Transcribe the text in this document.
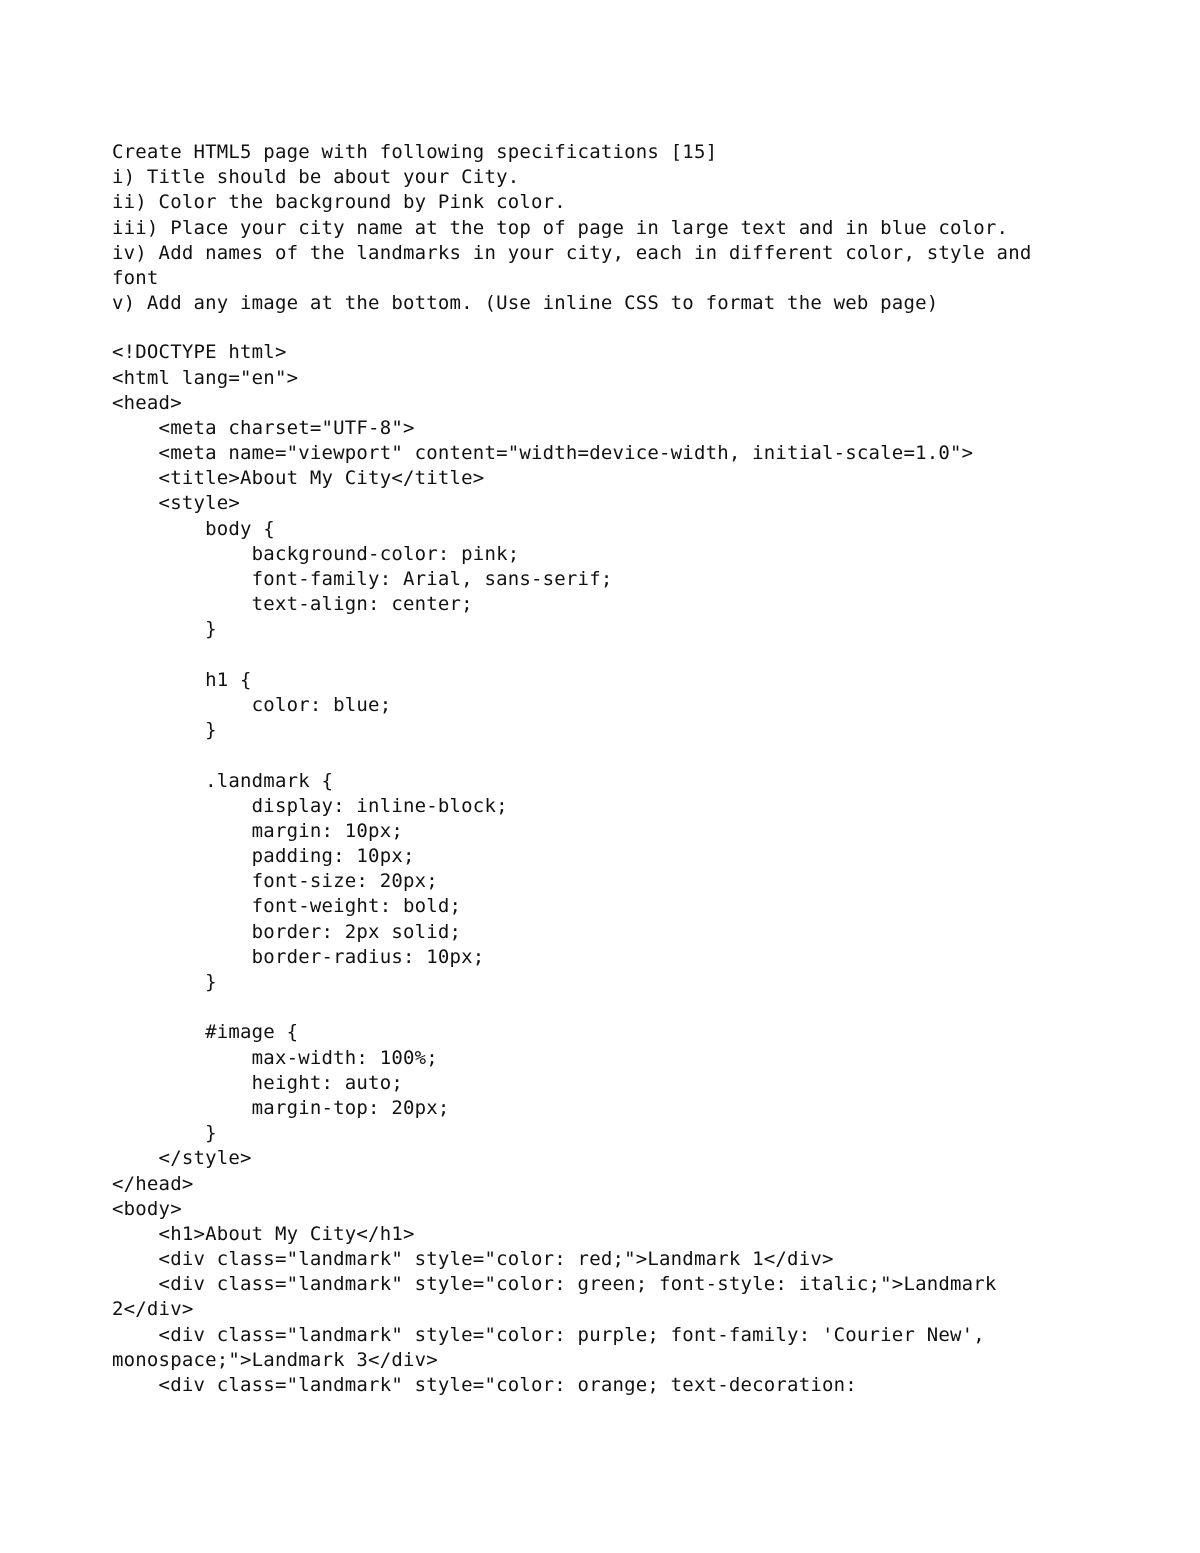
Create HTML5 page with following specifications [15]
i) Title should be about your City.
ii) Color the background by Pink color.
iii) Place your city name at the top of page in large text and in blue color.
iv) Add names of the landmarks in your city, each in different color, style and
font
v) Add any image at the bottom. (Use inline CSS to format the web page)
<!DOCTYPE html>
<html lang="en">
<head>
<meta charset="UTF-8">
<meta name="viewport" content="width=device-width, initial-scale=1.0">
<title>About My City</title>
<style>
body {
background-color: pink;
font-family: Arial, sans-serif;
text-align: center;
}
h1 {
color: blue;
}
.landmark {
display: inline-block;
margin: 10px;
padding: 10px;
font-size: 20px;
font-weight: bold;
border: 2px solid;
border-radius: 10px;
}
#image {
max-width: 100%;
height: auto;
margin-top: 20px;
}
</style>
</head>
<body>
<h1>About My City</h1>
<div class="landmark" style="color: red;">Landmark 1</div>
<div class="landmark" style="color: green; font-style: italic;">Landmark
2</div>
<div class="landmark" style="color: purple; font-family: 'Courier New',
monospace;">Landmark 3</div>
<div class="landmark" style="color: orange; text-decoration:
